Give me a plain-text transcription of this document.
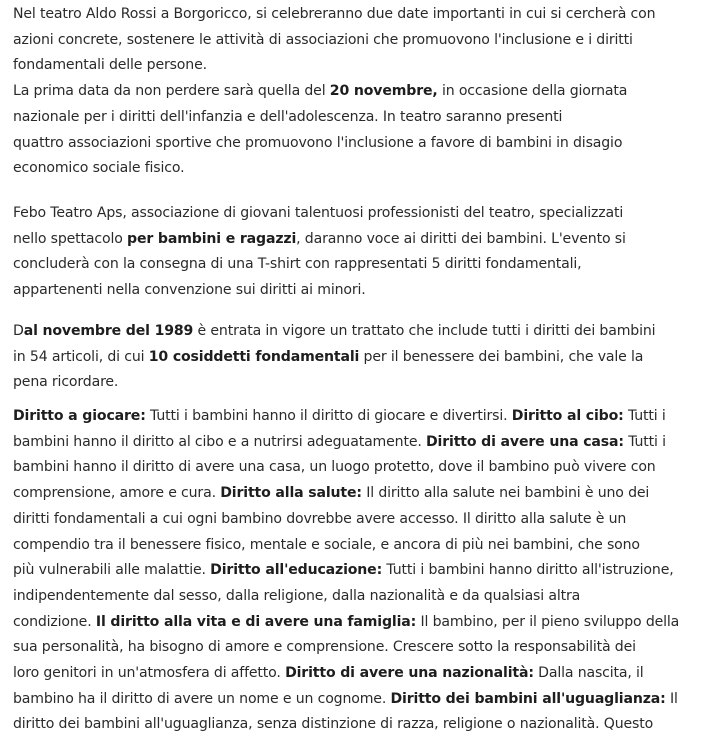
Nel teatro Aldo Rossi a Borgoricco, si celebreranno due date importanti in cui si cercherà con
azioni concrete, sostenere le attività di associazioni che promuovono l'inclusione e i diritti
fondamentali delle persone.
La prima data da non perdere sarà quella del 20 novembre, in occasione della giornata
nazionale per i diritti dell'infanzia e dell'adolescenza. In teatro saranno presenti
quattro associazioni sportive che promuovono l'inclusione a favore di bambini in disagio
economico sociale fisico.
Febo Teatro Aps, associazione di giovani talentuosi professionisti del teatro, specializzati
nello spettacolo per bambini e ragazzi, daranno voce ai diritti dei bambini. L'evento si
concluderà con la consegna di una T-shirt con rappresentati 5 diritti fondamentali,
appartenenti nella convenzione sui diritti ai minori.
Dal novembre del 1989 è entrata in vigore un trattato che include tutti i diritti dei bambini
in 54 articoli, di cui 10 cosiddetti fondamentali per il benessere dei bambini, che vale la
pena ricordare.
Diritto a giocare: Tutti i bambini hanno il diritto di giocare e divertirsi. Diritto al cibo: Tutti i
bambini hanno il diritto al cibo e a nutrirsi adeguatamente. Diritto di avere una casa: Tutti i
bambini hanno il diritto di avere una casa, un luogo protetto, dove il bambino può vivere con
comprensione, amore e cura. Diritto alla salute: Il diritto alla salute nei bambini è uno dei
diritti fondamentali a cui ogni bambino dovrebbe avere accesso. Il diritto alla salute è un
compendio tra il benessere fisico, mentale e sociale, e ancora di più nei bambini, che sono
più vulnerabili alle malattie. Diritto all'educazione: Tutti i bambini hanno diritto all'istruzione,
indipendentemente dal sesso, dalla religione, dalla nazionalità e da qualsiasi altra
condizione. Il diritto alla vita e di avere una famiglia: Il bambino, per il pieno sviluppo della
sua personalità, ha bisogno di amore e comprensione. Crescere sotto la responsabilità dei
loro genitori in un'atmosfera di affetto. Diritto di avere una nazionalità: Dalla nascita, il
bambino ha il diritto di avere un nome e un cognome. Diritto dei bambini all'uguaglianza: Il
diritto dei bambini all'uguaglianza, senza distinzione di razza, religione o nazionalità. Questo
